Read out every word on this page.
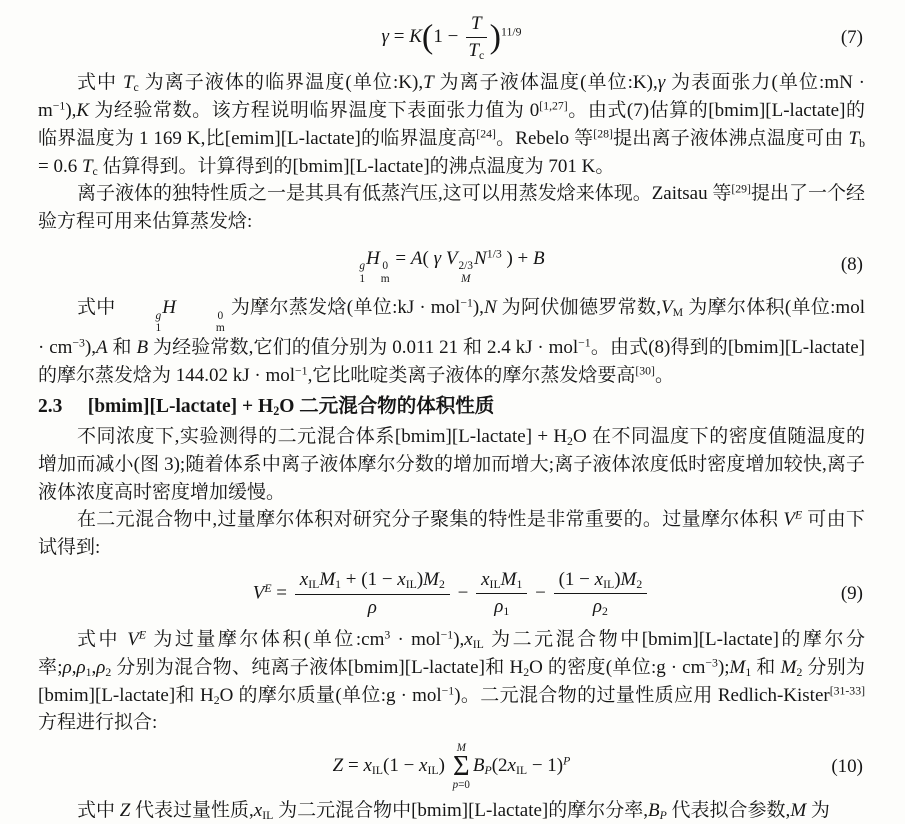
$\gamma = K(1 - \frac{T}{Tc} )^{11/9}$	(7)

式中 Tc 为离子液体的临界温度(单位:K),T 为离子液体温度(单位:K),γ 为表面张力(单位:mN · $m^{-1}),K$ 为经验常数。该方程说明临界温度下表面张力值为 0[1,27]。由式(7)估算的[bmim][L-lactate]的临界温度为 1 169 K,比[emim][L-lactate]的临界温度高[24]。Rebelo 等[28]提出离子液体沸点温度可由 Tb = 0.6 Tc 估算得到。计算得到的[bmim][L-lactate]的沸点温度为 701 K。

离子液体的独特性质之一是其具有低蒸汽压,这可以用蒸发焓来体现。Zaitsau 等[29]提出了一个经验方程可用来估算蒸发焓:

g
1
H 0
m
= A( γ V 2/3
M
$N^{1/3}$ ) + B	(8)

式中	g
1
H	0
m
为摩尔蒸发焓(单位:kJ · mol$^{-1}$),N 为阿伏伽德罗常数,VM 为摩尔体积(单位:mol · $cm^{-3}),A$ 和 B 为经验常数,它们的值分别为 0.011 21 和 2.4 kJ · mol$^{-1}$。由式(8)得到的[bmim][L-lactate]的摩尔蒸发焓为 144.02 kJ · mol$^{-1}$,它比吡啶类离子液体的摩尔蒸发焓要高[30]。

2.3 [bmim][L-lactate] + H2O 二元混合物的体积性质

不同浓度下,实验测得的二元混合体系[bmim][L-lactate] + H2O 在不同温度下的密度值随温度的增加而减小(图 3);随着体系中离子液体摩尔分数的增加而增大;离子液体浓度低时密度增加较快,离子液体浓度高时密度增加缓慢。

在二元混合物中,过量摩尔体积对研究分子聚集的特性是非常重要的。过量摩尔体积 $V^E$ 可由下试得到:

$V^E = \frac{\text{xILM1 + (1 − xIL)M2}}{\rho} - \frac{\text{xILM1}}{\rho 1} - \frac{\text{(1 − xIL)M2}}{\rho 2}$	(9)

式中 $V^E$ 为过量摩尔体积(单位$:cm^3 \cdot mol^{-1}),xIL$ 为二元混合物中[bmim][L-lactate]的摩尔分率;ρ,ρ1,ρ2 分别为混合物、纯离子液体[bmim][L-lactate]和 H2O 的密度(单位:g · $cm^{-3});M1$ 和 M2 分别为[bmim][L-lactate]和 H2O 的摩尔质量(单位:g · mol$^{-1}$)。二元混合物的过量性质应用 Redlich-Kister[31-33]方程进行拟合:

Z = xIL(1 − xIL)
M
Σ
p=0
$BP(2xIL - 1)^P$	(10)

式中 Z 代表过量性质,xIL 为二元混合物中[bmim][L-lactate]的摩尔分率,BP 代表拟合参数,M 为
